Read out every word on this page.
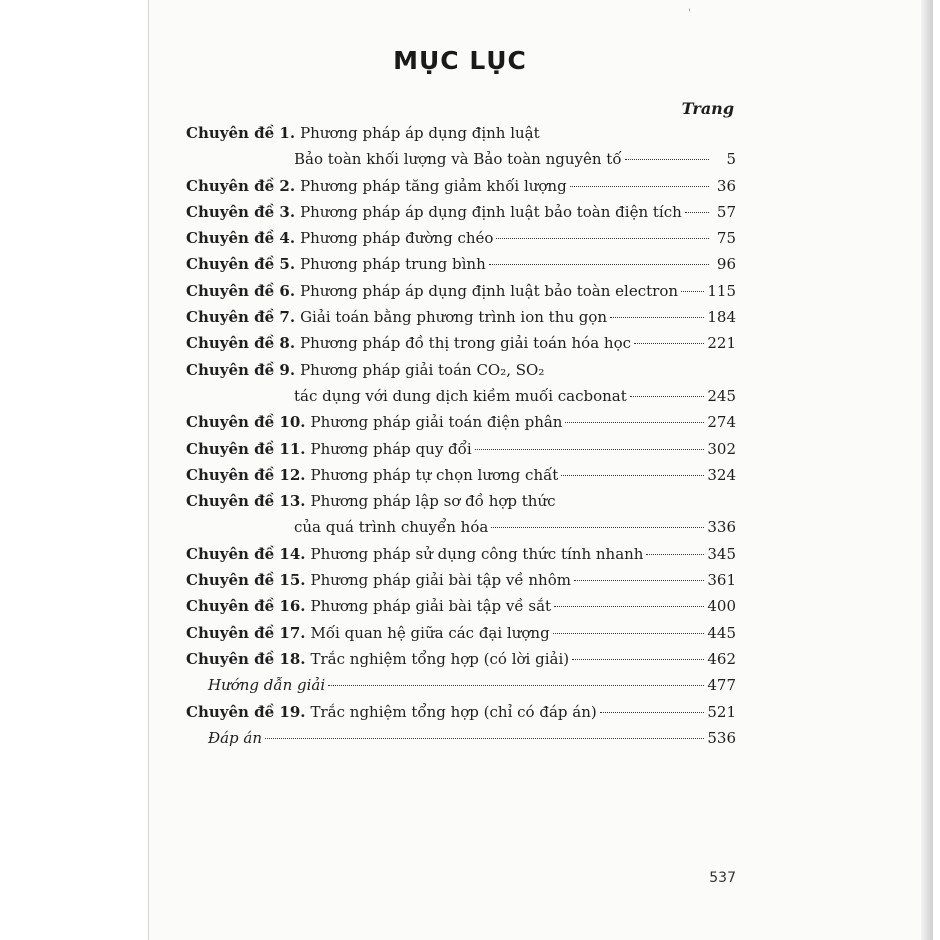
'
MỤC LỤC
Trang
Chuyên đề 1. Phương pháp áp dụng định luật
Bảo toàn khối lượng và Bảo toàn nguyên tố	5
Chuyên đề 2. Phương pháp tăng giảm khối lượng	36
Chuyên đề 3. Phương pháp áp dụng định luật bảo toàn điện tích	57
Chuyên đề 4. Phương pháp đường chéo	75
Chuyên đề 5. Phương pháp trung bình	96
Chuyên đề 6. Phương pháp áp dụng định luật bảo toàn electron 115
Chuyên đề 7. Giải toán bằng phương trình ion thu gọn	184
Chuyên đề 8. Phương pháp đồ thị trong giải toán hóa học	221
Chuyên đề 9. Phương pháp giải toán CO₂, SO₂
tác dụng với dung dịch kiềm muối cacbonat	245
Chuyên đề 10. Phương pháp giải toán điện phân	274
Chuyên đề 11. Phương pháp quy đổi	302
Chuyên đề 12. Phương pháp tự chọn lương chất	324
Chuyên đề 13. Phương pháp lập sơ đồ hợp thức
của quá trình chuyển hóa	336
Chuyên đề 14. Phương pháp sử dụng công thức tính nhanh	345
Chuyên đề 15. Phương pháp giải bài tập về nhôm	361
Chuyên đề 16. Phương pháp giải bài tập về sắt	400
Chuyên đề 17. Mối quan hệ giữa các đại lượng	445
Chuyên đề 18. Trắc nghiệm tổng hợp (có lời giải)	462
Hướng dẫn giải	477
Chuyên đề 19. Trắc nghiệm tổng hợp (chỉ có đáp án)	521
Đáp án	536
537
